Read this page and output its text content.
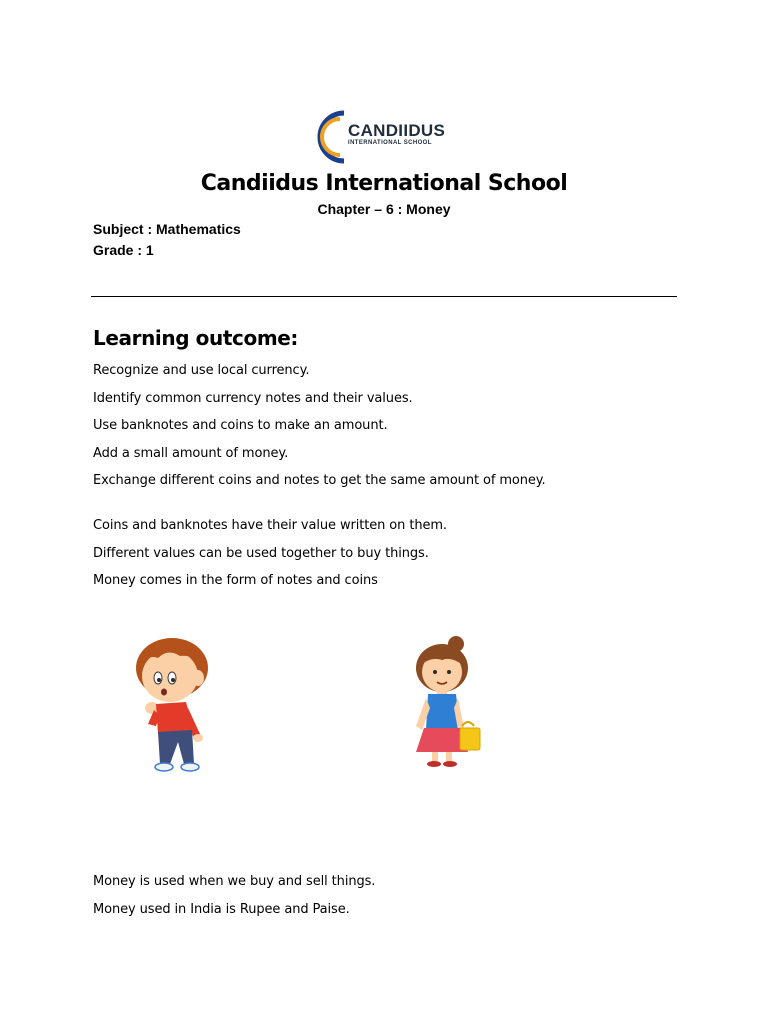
CANDIIDUS
INTERNATIONAL SCHOOL
Candiidus International School
Chapter – 6 : Money
Subject : Mathematics
Grade : 1
Learning outcome:
Recognize and use local currency.
Identify common currency notes and their values.
Use banknotes and coins to make an amount.
Add a small amount of money.
Exchange different coins and notes to get the same amount of money.
Coins and banknotes have their value written on them.
Different values can be used together to buy things.
Money comes in the form of notes and coins
Money is used when we buy and sell things.
Money used in India is Rupee and Paise.
